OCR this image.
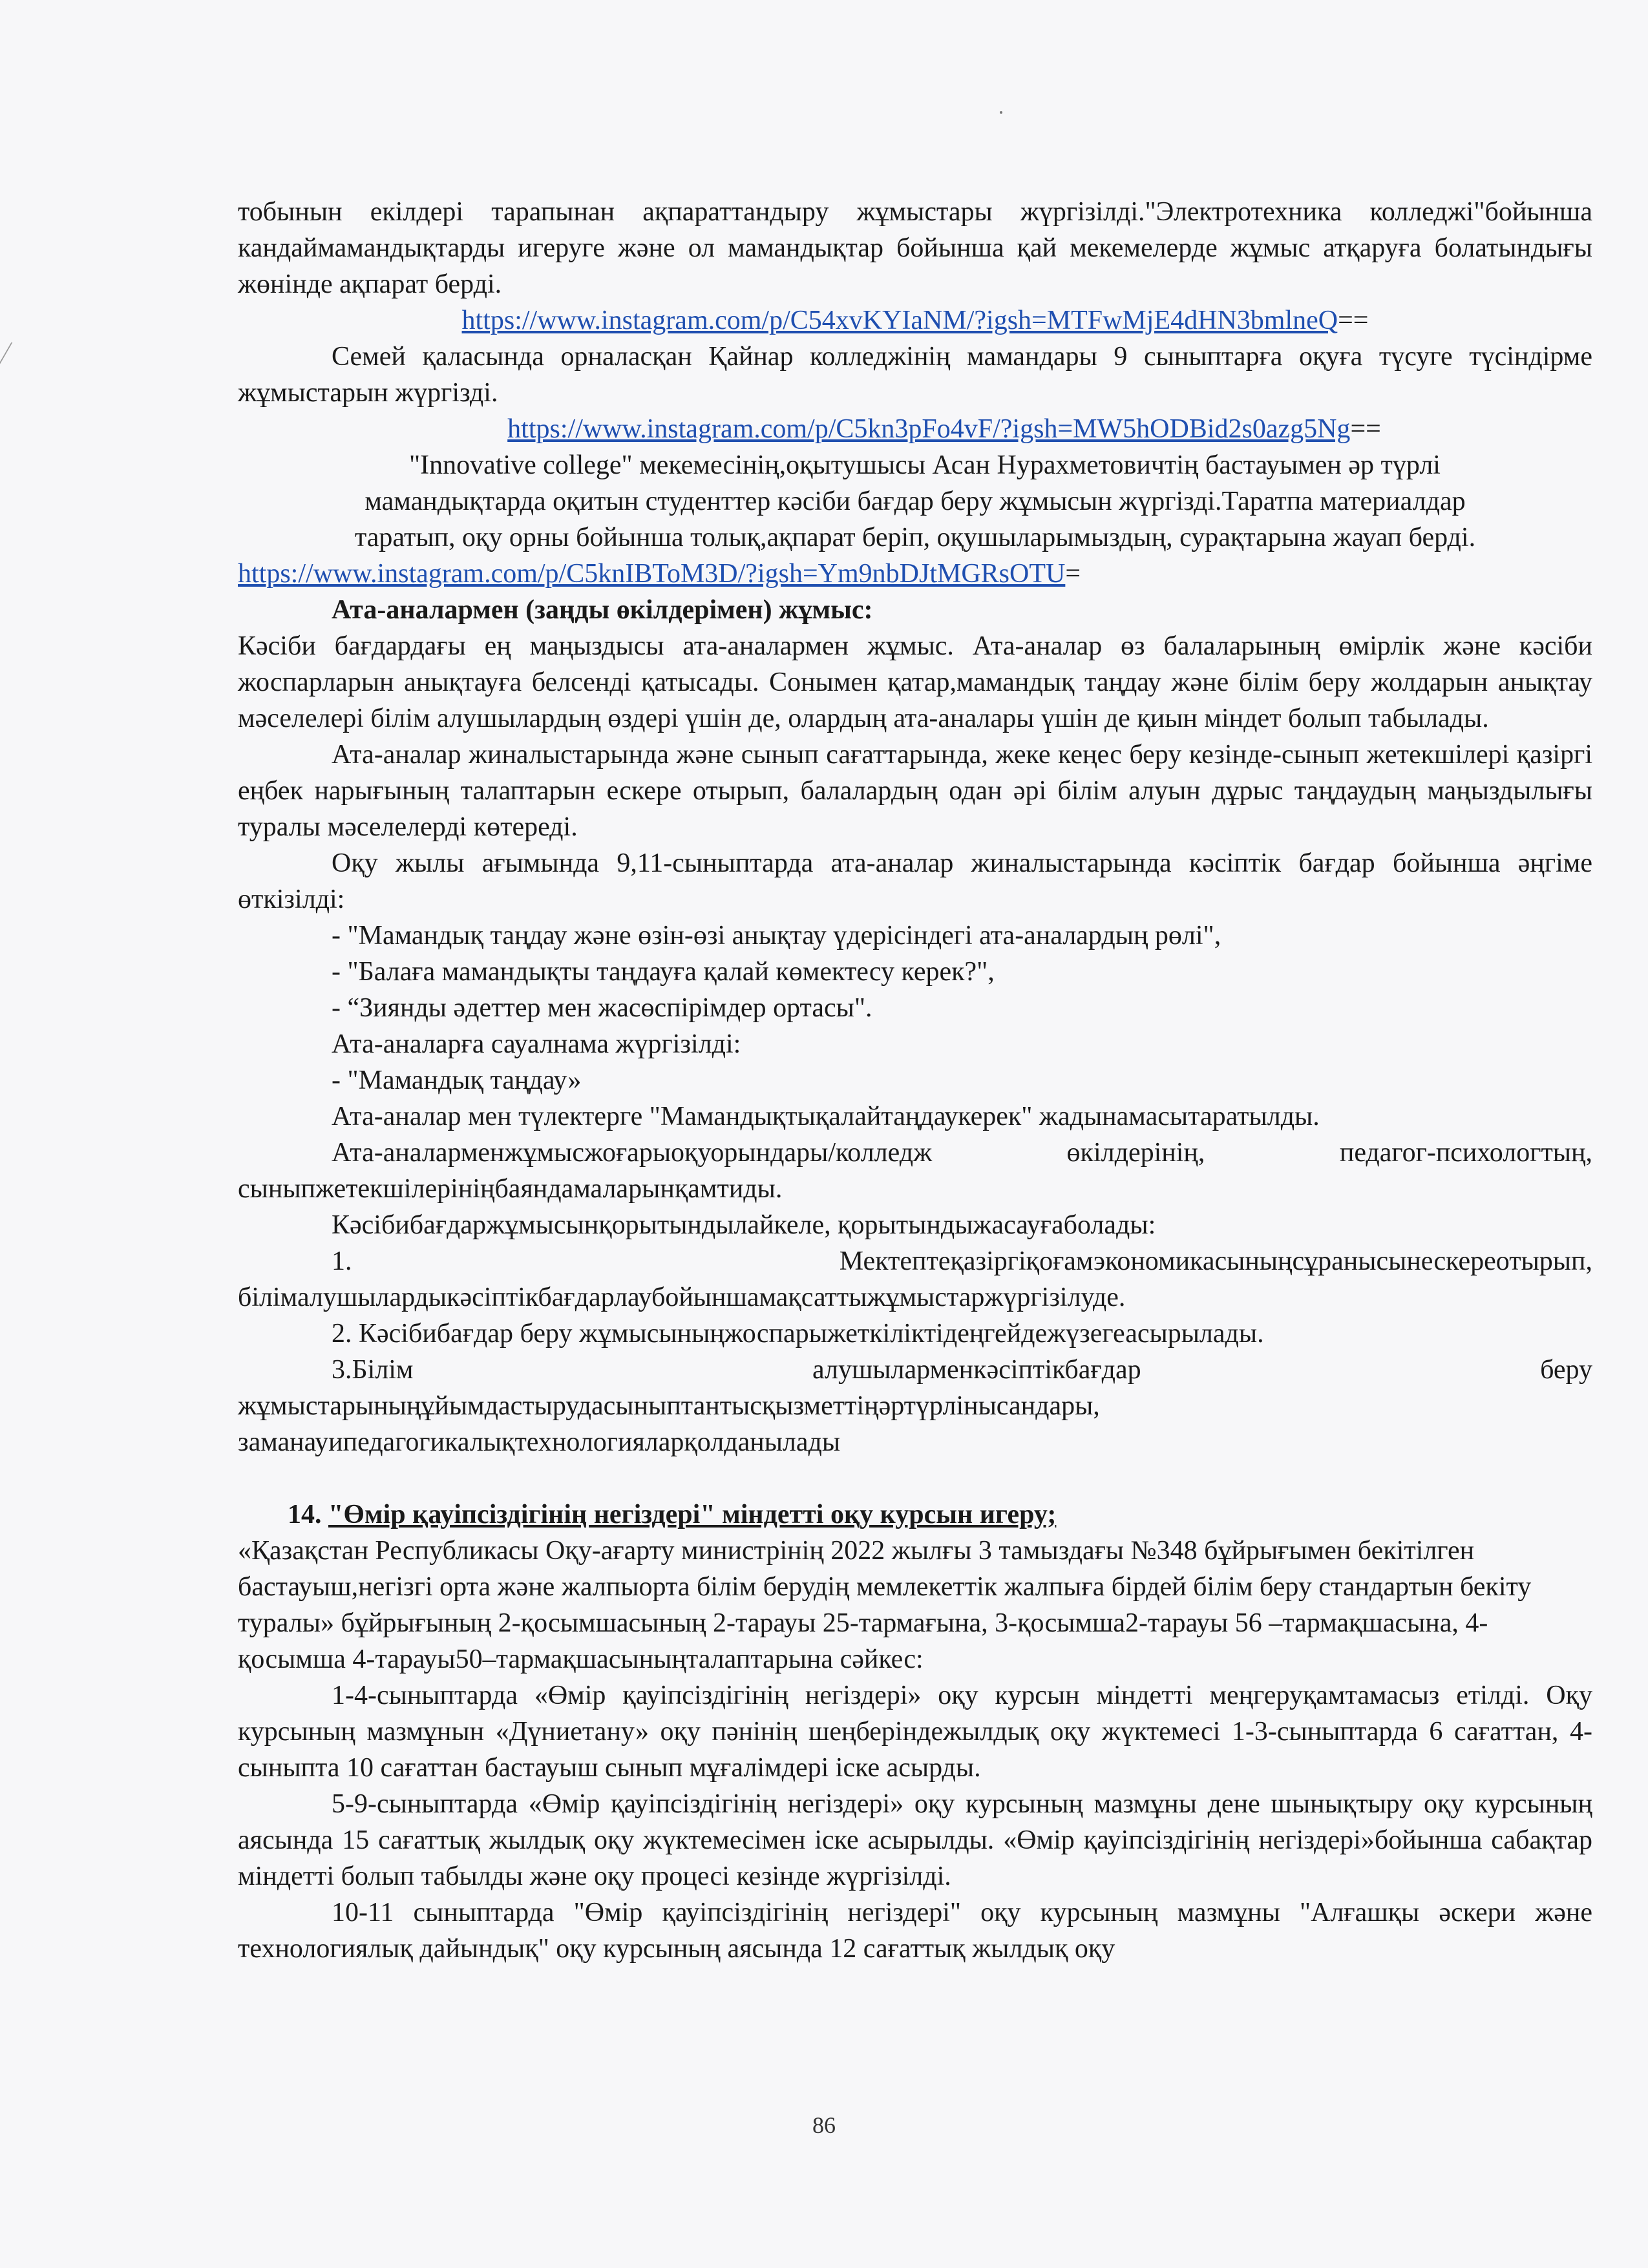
тобынын екілдері тарапынан ақпараттандыру жұмыстары жүргізілді."Электротехника колледжі"бойынша кандаймамандықтарды игеруге және ол мамандықтар бойынша қай мекемелерде жұмыс атқаруға болатындығы жөнінде ақпарат берді.

https://www.instagram.com/p/C54xvKYIaNM/?igsh=MTFwMjE4dHN3bmlneQ==

Семей қаласында орналасқан Қайнар колледжінің мамандары 9 сыныптарға оқуға түсуге түсіндірме жұмыстарын жүргізді.

https://www.instagram.com/p/C5kn3pFo4vF/?igsh=MW5hODBid2s0azg5Ng==

"Innovative college" мекемесінің,оқытушысы Асан Нурахметовичтің бастауымен әр түрлі

мамандықтарда оқитын студенттер кәсіби бағдар беру жұмысын жүргізді.Таратпа материалдар

таратып, оқу орны бойынша толық,ақпарат беріп, оқушыларымыздың, сурақтарына жауап берді.

https://www.instagram.com/p/C5knIBToM3D/?igsh=Ym9nbDJtMGRsOTU=

Ата-аналармен (заңды өкілдерімен) жұмыс:

Кәсіби бағдардағы ең маңыздысы ата-аналармен жұмыс. Ата-аналар өз балаларының өмірлік және кәсіби жоспарларын анықтауға белсенді қатысады. Сонымен қатар,мамандық таңдау және білім беру жолдарын анықтау мәселелері білім алушылардың өздері үшін де, олардың ата-аналары үшін де қиын міндет болып табылады.

Ата-аналар жиналыстарында және сынып сағаттарында, жеке кеңес беру кезінде-сынып жетекшілері қазіргі еңбек нарығының талаптарын ескере отырып, балалардың одан әрі білім алуын дұрыс таңдаудың маңыздылығы туралы мәселелерді көтереді.

Оқу жылы ағымында 9,11-сыныптарда ата-аналар жиналыстарында кәсіптік бағдар бойынша әңгіме өткізілді:

- "Мамандық таңдау және өзін-өзі анықтау үдерісіндегі ата-аналардың рөлі",

- "Балаға мамандықты таңдауға қалай көмектесу керек?",

- “Зиянды әдеттер мен жасөспірімдер ортасы".

Ата-аналарға сауалнама жүргізілді:

- "Мамандық таңдау»

Ата-аналар мен түлектерге "Мамандықтықалайтаңдаукерек" жадынамасытаратылды.

Ата-аналарменжұмысжоғарыоқуорындары/колледж өкілдерінің, педагог-психологтың, сыныпжетекшілерініңбаяндамаларынқамтиды.

Кәсібибағдаржұмысынқорытындылайкеле, қорытындыжасауғаболады:

1.	Мектептеқазіргіқоғамэкономикасыныңсұранысынескереотырып,

білімалушылардыкәсіптікбағдарлаубойыншамақсаттыжұмыстаржүргізілуде.

2. Кәсібибағдар беру жұмысыныңжоспарыжеткіліктідеңгейдежүзегеасырылады.

3.Білім	алушыларменкәсіптікбағдар	беру

жұмыстарыныңұйымдастырудасыныптантысқызметтіңәртүрлінысандары,

заманауипедагогикалықтехнологияларқолданылады

14. "Өмір қауіпсіздігінің негіздері" міндетті оқу курсын игеру;

«Қазақстан Республикасы Оқу-ағарту министрінің 2022 жылғы 3 тамыздағы №348 бұйрығымен бекітілген бастауыш,негізгі орта және жалпыорта білім берудің мемлекеттік жалпыға бірдей білім беру стандартын бекіту туралы» бұйрығының 2-қосымшасының 2-тарауы 25-тармағына, 3-қосымша2-тарауы 56 –тармақшасына, 4-қосымша 4-тарауы50–тармақшасыныңталаптарына сәйкес:

1-4-сыныптарда «Өмір қауіпсіздігінің негіздері» оқу курсын міндетті меңгеруқамтамасыз етілді. Оқу курсының мазмұнын «Дүниетану» оқу пәнінің шеңберіндежылдық оқу жүктемесі 1-3-сыныптарда 6 сағаттан, 4-сыныпта 10 сағаттан бастауыш сынып мұғалімдері іске асырды.

5-9-сыныптарда «Өмір қауіпсіздігінің негіздері» оқу курсының мазмұны дене шынықтыру оқу курсының аясында 15 сағаттық жылдық оқу жүктемесімен іске асырылды. «Өмір қауіпсіздігінің негіздері»бойынша сабақтар міндетті болып табылды және оқу процесі кезінде жүргізілді.

10-11 сыныптарда "Өмір қауіпсіздігінің негіздері" оқу курсының мазмұны "Алғашқы әскери және технологиялық дайындық" оқу курсының аясында 12 сағаттық жылдық оқу

86
